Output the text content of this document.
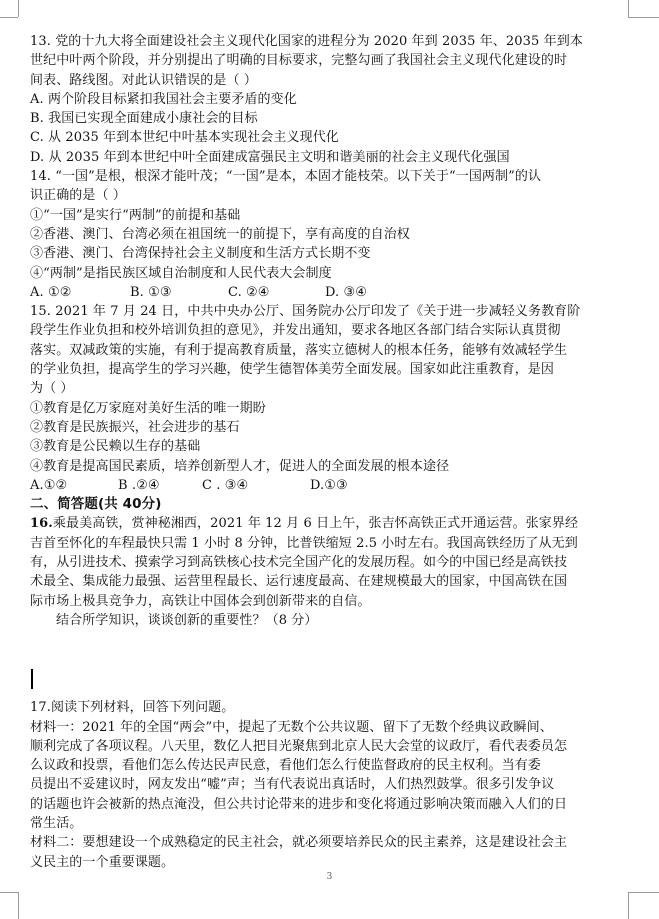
13. 党的十九大将全面建设社会主义现代化国家的进程分为 2020 年到 2035 年、2035 年到本
世纪中叶两个阶段，并分别提出了明确的目标要求，完整勾画了我国社会主义现代化建设的时
间表、路线图。对此认识错误的是（ ）
A. 两个阶段目标紧扣我国社会主要矛盾的变化
B. 我国已实现全面建成小康社会的目标
C. 从 2035 年到本世纪中叶基本实现社会主义现代化
D. 从 2035 年到本世纪中叶全面建成富强民主文明和谐美丽的社会主义现代化强国
14. “一国”是根，根深才能叶茂；“一国”是本，本固才能枝荣。以下关于“一国两制”的认
识正确的是（ ）
①“一国”是实行“两制”的前提和基础
②香港、澳门、台湾必须在祖国统一的前提下，享有高度的自治权
③香港、澳门、台湾保持社会主义制度和生活方式长期不变
④“两制”是指民族区域自治制度和人民代表大会制度
A. ①②	B. ①③	C. ②④	D. ③④
15. 2021 年 7 月 24 日，中共中央办公厅、国务院办公厅印发了《关于进一步减轻义务教育阶
段学生作业负担和校外培训负担的意见》，并发出通知，要求各地区各部门结合实际认真贯彻
落实。双减政策的实施，有利于提高教育质量，落实立德树人的根本任务，能够有效减轻学生
的学业负担，提高学生的学习兴趣，使学生德智体美劳全面发展。国家如此注重教育，是因
为（ ）
①教育是亿万家庭对美好生活的唯一期盼
②教育是民族振兴，社会进步的基石
③教育是公民赖以生存的基础
④教育是提高国民素质，培养创新型人才，促进人的全面发展的根本途径
A.①②	B .②④	C . ③④	D.①③
二、简答题(共 40分)
16.乘最美高铁，赏神秘湘西，2021 年 12 月 6 日上午，张吉怀高铁正式开通运营。张家界经
吉首至怀化的车程最快只需 1 小时 8 分钟，比普铁缩短 2.5 小时左右。我国高铁经历了从无到
有，从引进技术、摸索学习到高铁核心技术完全国产化的发展历程。如今的中国已经是高铁技
术最全、集成能力最强、运营里程最长、运行速度最高、在建规模最大的国家，中国高铁在国
际市场上极具竞争力，高铁让中国体会到创新带来的自信。
结合所学知识，谈谈创新的重要性？（8 分）
17.阅读下列材料，回答下列问题。
材料一：2021 年的全国“两会”中，提起了无数个公共议题、留下了无数个经典议政瞬间、
顺利完成了各项议程。八天里，数亿人把目光聚焦到北京人民大会堂的议政厅，看代表委员怎
么议政和投票，看他们怎么传达民声民意，看他们怎么行使监督政府的民主权利。当有委
员提出不妥建议时，网友发出“嘘”声；当有代表说出真话时，人们热烈鼓掌。很多引发争议
的话题也许会被新的热点淹没，但公共讨论带来的进步和变化将通过影响决策而融入人们的日
常生活。
材料二：要想建设一个成熟稳定的民主社会，就必须要培养民众的民主素养，这是建设社会主
义民主的一个重要课题。
3
